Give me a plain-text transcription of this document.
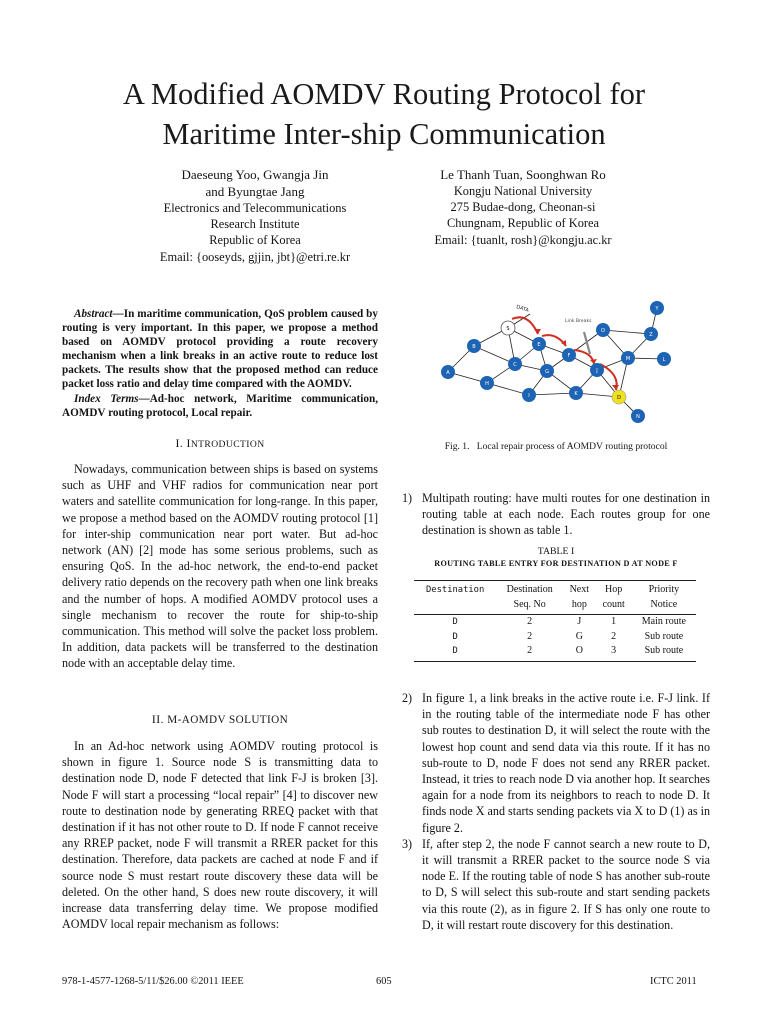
A Modified AOMDV Routing Protocol for
Maritime Inter-ship Communication
Daeseung Yoo, Gwangja Jin
and Byungtae Jang
Electronics and Telecommunications
Research Institute
Republic of Korea
Email: {ooseyds, gjjin, jbt}@etri.re.kr
Le Thanh Tuan, Soonghwan Ro
Kongju National University
275 Budae-dong, Cheonan-si
Chungnam, Republic of Korea
Email: {tuanlt, rosh}@kongju.ac.kr

Abstract—In maritime communication, QoS problem caused by routing is very important. In this paper, we propose a method based on AOMDV protocol providing a route recovery mechanism when a link breaks in an active route to reduce lost packets. The results show that the proposed method can reduce packet loss ratio and delay time compared with the AOMDV.

Index Terms—Ad-hoc network, Maritime communication, AOMDV routing protocol, Local repair.

I. INTRODUCTION

Nowadays, communication between ships is based on systems such as UHF and VHF radios for communication near port waters and satellite communication for long-range. In this paper, we propose a method based on the AOMDV routing protocol [1] for inter-ship communication near port water. But ad-hoc network (AN) [2] mode has some serious problems, such as ensuring QoS. In the ad-hoc network, the end-to-end packet delivery ratio depends on the recovery path when one link breaks and the number of hops. A modified AOMDV protocol uses a single mechanism to recover the route for ship-to-ship communication. This method will solve the packet loss problem. In addition, data packets will be transferred to the destination node with an acceptable delay time.

II. M-AOMDV SOLUTION

In an Ad-hoc network using AOMDV routing protocol is shown in figure 1. Source node S is transmitting data to destination node D, node F detected that link F-J is broken [3]. Node F will start a processing “local repair” [4] to discover new route to destination node by generating RREQ packet with that destination if it has not other route to D. If node F cannot receive any RREP packet, node F will transmit a RRER packet for this destination. Therefore, data packets are cached at node F and if source node S must restart route discovery these data will be deleted. On the other hand, S does new route discovery, it will increase data transferring delay time. We propose modified AOMDV local repair mechanism as follows:

DATA
Link Breaks
S
B
A
C
H
E
F
G
I
J
K
D
O
Z
Y
M	L
N
Fig. 1. Local repair process of AOMDV routing protocol
1) Multipath routing: have multi routes for one destination in routing table at each node. Each routes group for one destination is shown as table 1.
TABLE I
ROUTING TABLE ENTRY FOR DESTINATION D AT NODE F
Destination	Destination	Next	Hop	Priority
	Seq. No	hop	count	Notice
D	2	J	1	Main route
D	2	G	2	Sub route
D	2	O	3	Sub route
2) In figure 1, a link breaks in the active route i.e. F-J link. If in the routing table of the intermediate node F has other sub routes to destination D, it will select the route with the lowest hop count and send data via this route. If it has no sub-route to D, node F does not send any RRER packet. Instead, it tries to reach node D via another hop. It searches again for a node from its neighbors to reach to node D. It finds node X and starts sending packets via X to D (1) as in figure 2.
3) If, after step 2, the node F cannot search a new route to D, it will transmit a RRER packet to the source node S via node E. If the routing table of node S has another sub-route to D, S will select this sub-route and start sending packets via this route (2), as in figure 2. If S has only one route to D, it will restart route discovery for this destination.
978-1-4577-1268-5/11/$26.00 ©2011 IEEE	605	ICTC 2011
